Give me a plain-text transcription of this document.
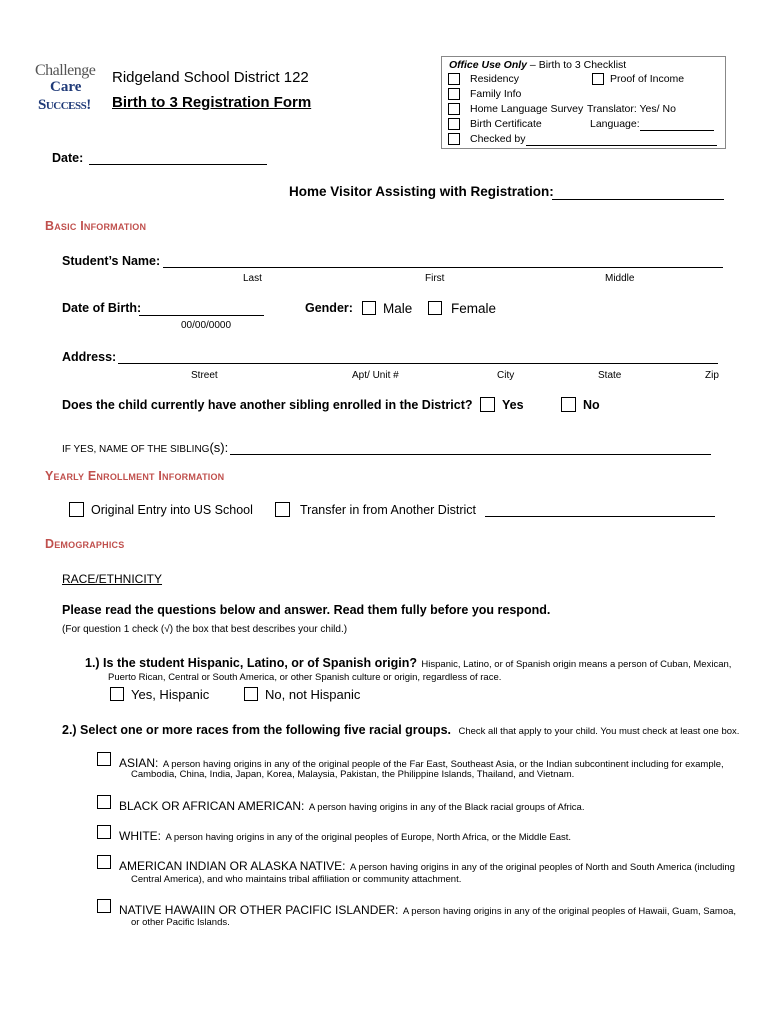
Challenge
Care
Success!
Ridgeland School District 122
Birth to 3 Registration Form
Office Use Only – Birth to 3 Checklist
Residency	Proof of Income
Family Info
Home Language Survey Translator: Yes/ No
Birth Certificate	Language:
Checked by
Date:
Home Visitor Assisting with Registration:
Basic Information
Student’s Name:
Last	First	Middle
Date of Birth:
00/00/0000
Gender: Male	Female
Address:
Street	Apt/ Unit #	City	State	Zip
Does the child currently have another sibling enrolled in the District? Yes	No
IF YES, NAME OF THE SIBLING(s):
Yearly Enrollment Information
Original Entry into US School	Transfer in from Another District
Demographics
RACE/ETHNICITY
Please read the questions below and answer. Read them fully before you respond.
(For question 1 check (√) the box that best describes your child.)
1.) Is the student Hispanic, Latino, or of Spanish origin? Hispanic, Latino, or of Spanish origin means a person of Cuban, Mexican,
Puerto Rican, Central or South America, or other Spanish culture or origin, regardless of race.
Yes, Hispanic	No, not Hispanic
2.) Select one or more races from the following five racial groups. Check all that apply to your child. You must check at least one box.
ASIAN: A person having origins in any of the original people of the Far East, Southeast Asia, or the Indian subcontinent including for example,
Cambodia, China, India, Japan, Korea, Malaysia, Pakistan, the Philippine Islands, Thailand, and Vietnam.
BLACK OR AFRICAN AMERICAN: A person having origins in any of the Black racial groups of Africa.
WHITE: A person having origins in any of the original peoples of Europe, North Africa, or the Middle East.
AMERICAN INDIAN OR ALASKA NATIVE: A person having origins in any of the original peoples of North and South America (including
Central America), and who maintains tribal affiliation or community attachment.
NATIVE HAWAIIN OR OTHER PACIFIC ISLANDER: A person having origins in any of the original peoples of Hawaii, Guam, Samoa,
or other Pacific Islands.
